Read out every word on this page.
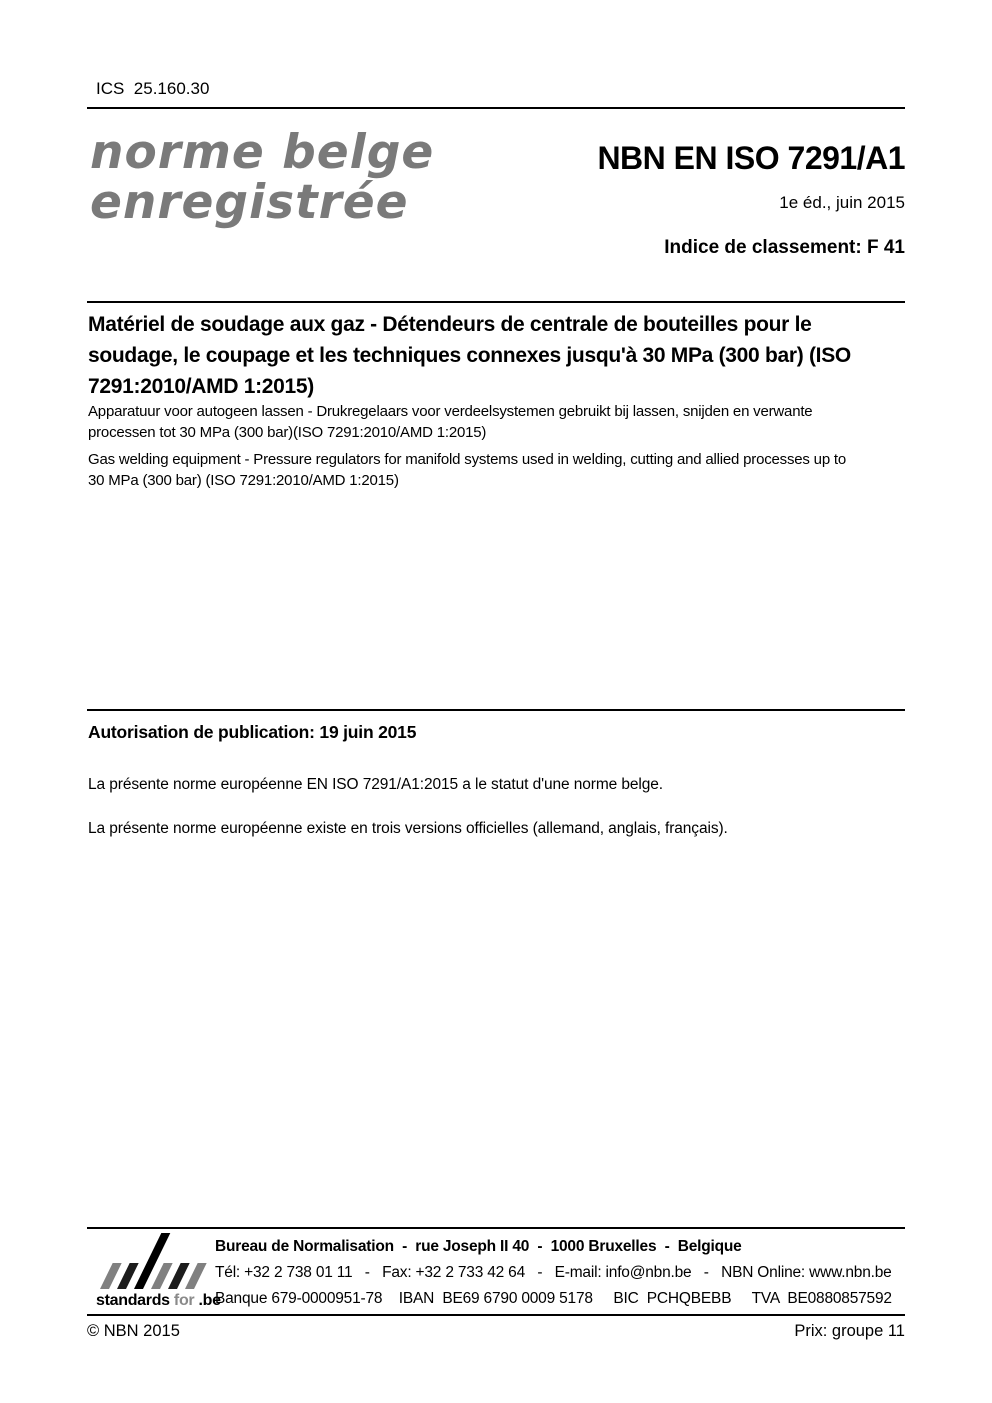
ICS  25.160.30
norme belge
enregistrée
NBN EN ISO 7291/A1
1e éd., juin 2015
Indice de classement: F 41
Matériel de soudage aux gaz - Détendeurs de centrale de bouteilles pour le soudage, le coupage et les techniques connexes jusqu'à 30 MPa (300 bar) (ISO 7291:2010/AMD 1:2015)

Apparatuur voor autogeen lassen - Drukregelaars voor verdeelsystemen gebruikt bij lassen, snijden en verwante processen tot 30 MPa (300 bar)(ISO 7291:2010/AMD 1:2015)

Gas welding equipment - Pressure regulators for manifold systems used in welding, cutting and allied processes up to 30 MPa (300 bar) (ISO 7291:2010/AMD 1:2015)

Autorisation de publication: 19 juin 2015
La présente norme européenne EN ISO 7291/A1:2015 a le statut d'une norme belge.
La présente norme européenne existe en trois versions officielles (allemand, anglais, français).
standards for .be
Bureau de Normalisation  -  rue Joseph II 40  -  1000 Bruxelles  -  Belgique
Tél: +32 2 738 01 11   -   Fax: +32 2 733 42 64   -   E-mail: info@nbn.be   -   NBN Online: www.nbn.be
Banque 679-0000951-78    IBAN  BE69 6790 0009 5178     BIC  PCHQBEBB     TVA  BE0880857592
© NBN 2015	Prix: groupe 11
